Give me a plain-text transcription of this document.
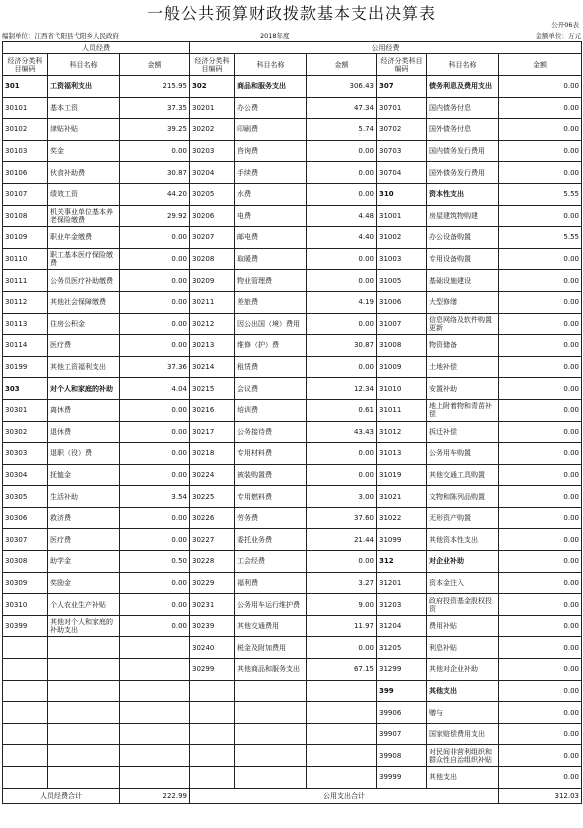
一般公共预算财政拨款基本支出决算表
公开06表
编制单位：江西省弋阳县弋阳乡人民政府	2018年度	金额单位：万元
人员经费			公用经费					
经济分类科目编码	科目名称	金额	经济分类科目编码	科目名称	金额	经济分类科目编码	科目名称	金额
301	工资福利支出	215.95	302	商品和服务支出	306.43	307	债务利息及费用支出	0.00
30101	基本工资	37.35	30201	办公费	47.34	30701	国内债务付息	0.00
30102	津贴补贴	39.25	30202	印刷费	5.74	30702	国外债务付息	0.00
30103	奖金	0.00	30203	咨询费	0.00	30703	国内债务发行费用	0.00
30106	伙食补助费	30.87	30204	手续费	0.00	30704	国外债务发行费用	0.00
30107	绩效工资	44.20	30205	水费	0.00	310	资本性支出	5.55
30108	机关事业单位基本养老保险缴费	29.92	30206	电费	4.48	31001	房屋建筑物购建	0.00
30109	职业年金缴费	0.00	30207	邮电费	4.40	31002	办公设备购置	5.55
30110	职工基本医疗保险缴费	0.00	30208	取暖费	0.00	31003	专用设备购置	0.00
30111	公务员医疗补助缴费	0.00	30209	物业管理费	0.00	31005	基础设施建设	0.00
30112	其他社会保障缴费	0.00	30211	差旅费	4.19	31006	大型修缮	0.00
30113	住房公积金	0.00	30212	因公出国（境）费用	0.00	31007	信息网络及软件购置更新	0.00
30114	医疗费	0.00	30213	维修（护）费	30.87	31008	物资储备	0.00
30199	其他工资福利支出	37.36	30214	租赁费	0.00	31009	土地补偿	0.00
303	对个人和家庭的补助	4.04	30215	会议费	12.34	31010	安置补助	0.00
30301	离休费	0.00	30216	培训费	0.61	31011	地上附着物和青苗补偿	0.00
30302	退休费	0.00	30217	公务接待费	43.43	31012	拆迁补偿	0.00
30303	退职（役）费	0.00	30218	专用材料费	0.00	31013	公务用车购置	0.00
30304	抚恤金	0.00	30224	被装购置费	0.00	31019	其他交通工具购置	0.00
30305	生活补助	3.54	30225	专用燃料费	3.00	31021	文物和陈列品购置	0.00
30306	救济费	0.00	30226	劳务费	37.60	31022	无形资产购置	0.00
30307	医疗费	0.00	30227	委托业务费	21.44	31099	其他资本性支出	0.00
30308	助学金	0.50	30228	工会经费	0.00	312	对企业补助	0.00
30309	奖励金	0.00	30229	福利费	3.27	31201	资本金注入	0.00
30310	个人农业生产补贴	0.00	30231	公务用车运行维护费	9.00	31203	政府投资基金股权投资	0.00
30399	其他对个人和家庭的补助支出	0.00	30239	其他交通费用	11.97	31204	费用补贴	0.00
			30240	税金及附加费用	0.00	31205	利息补贴	0.00
			30299	其他商品和服务支出	67.15	31299	其他对企业补助	0.00
						399	其他支出	0.00
						39906	赠与	0.00
						39907	国家赔偿费用支出	0.00
						39908	对民间非营利组织和群众性自治组织补贴	0.00
						39999	其他支出	0.00
人员经费合计		222.99	公用支出合计					312.03
